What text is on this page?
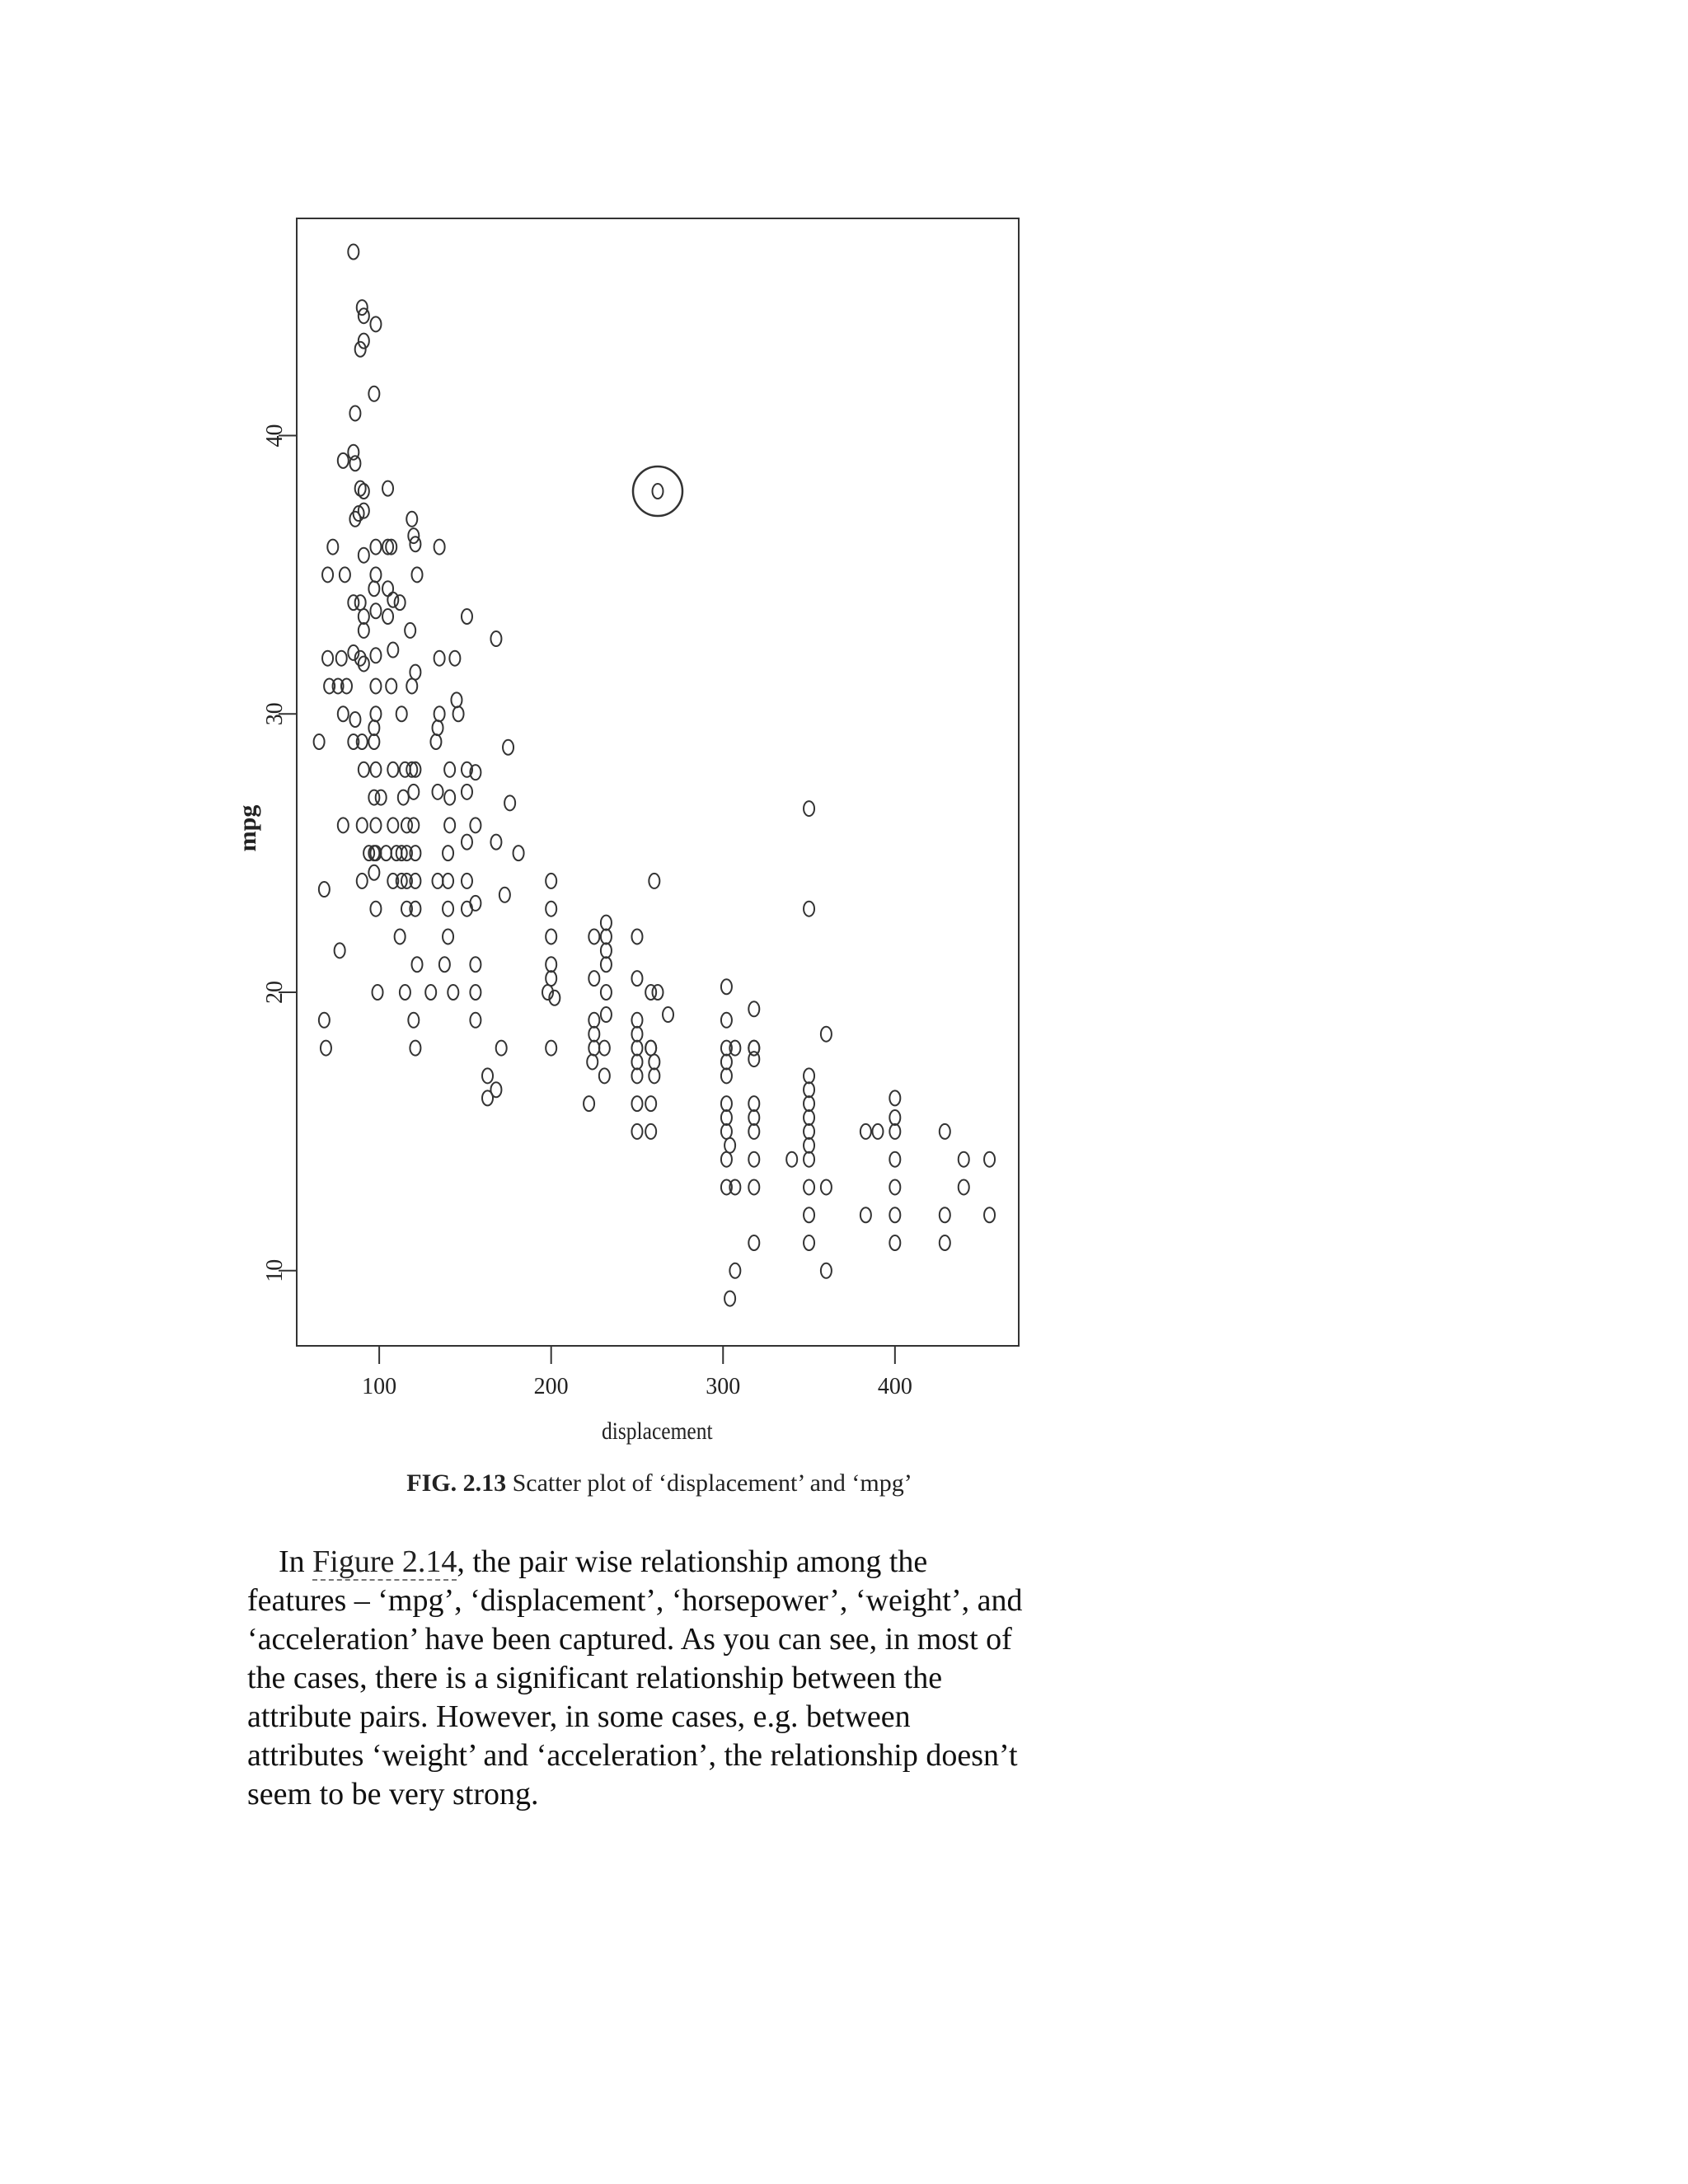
100	200	300	400
10
20
30
40
displacement
mpg
FIG. 2.13 Scatter plot of ‘displacement’ and ‘mpg’

In Figure 2.14, the pair wise relationship among the features – ‘mpg’, ‘displacement’, ‘horsepower’, ‘weight’, and ‘acceleration’ have been captured. As you can see, in most of the cases, there is a significant relationship between the attribute pairs. However, in some cases, e.g. between attributes ‘weight’ and ‘acceleration’, the relationship doesn’t seem to be very strong.
